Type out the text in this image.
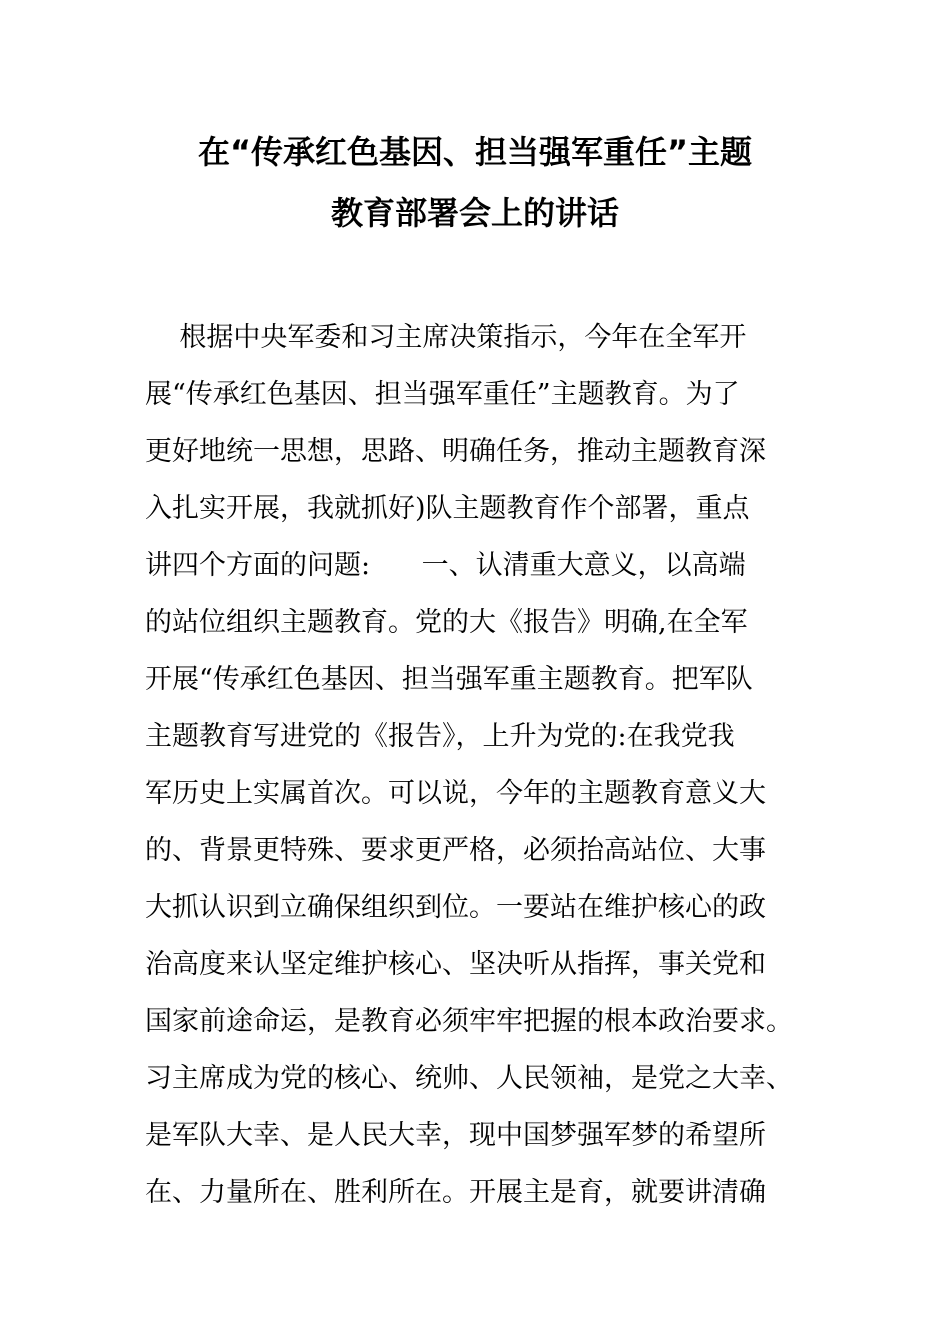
在“传承红色基因、担当强军重任”主题
教育部署会上的讲话
根据中央军委和习主席决策指示，今年在全军开
展“传承红色基因、担当强军重任”主题教育。为了
更好地统一思想，思路、明确任务，推动主题教育深
入扎实开展，我就抓好)队主题教育作个部署，重点
讲四个方面的问题:      一、认清重大意义，以高端
的站位组织主题教育。党的大《报告》明确,在全军
开展“传承红色基因、担当强军重主题教育。把军队
主题教育写进党的《报告》，上升为党的:在我党我
军历史上实属首次。可以说，今年的主题教育意义大
的、背景更特殊、要求更严格，必须抬高站位、大事
大抓认识到立确保组织到位。一要站在维护核心的政
治高度来认坚定维护核心、坚决听从指挥，事关党和
国家前途命运，是教育必须牢牢把握的根本政治要求。
习主席成为党的核心、统帅、人民领袖，是党之大幸、
是军队大幸、是人民大幸，现中国梦强军梦的希望所
在、力量所在、胜利所在。开展主是育，就要讲清确
